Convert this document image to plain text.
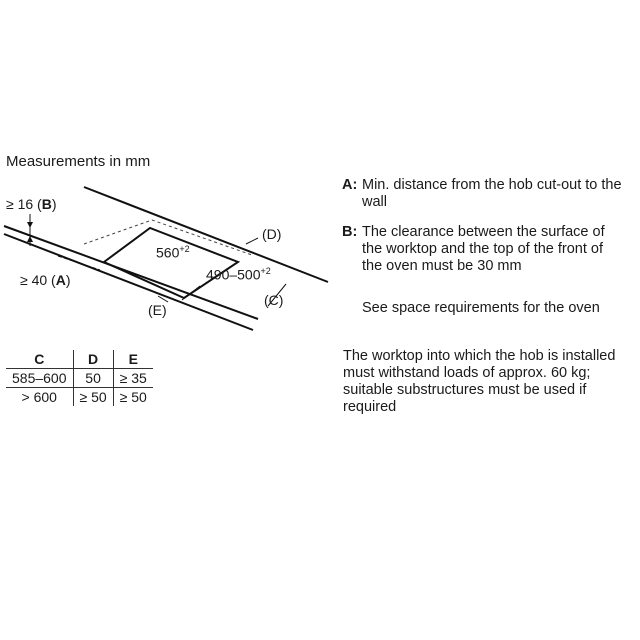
Measurements in mm
≥ 16 (B)
≥ 40 (A)
$560^{+2}$
$490-500^{+2}$
(D)
(C)
(E)
C	D	E
585–600	50	≥ 35
> 600	≥ 50	≥ 50
A: Min. distance from the hob cut-out to the wall
B: The clearance between the surface of the worktop and the top of the front of the oven must be 30 mm
See space requirements for the oven
The worktop into which the hob is installed must withstand loads of approx. 60 kg; suitable substructures must be used if required
